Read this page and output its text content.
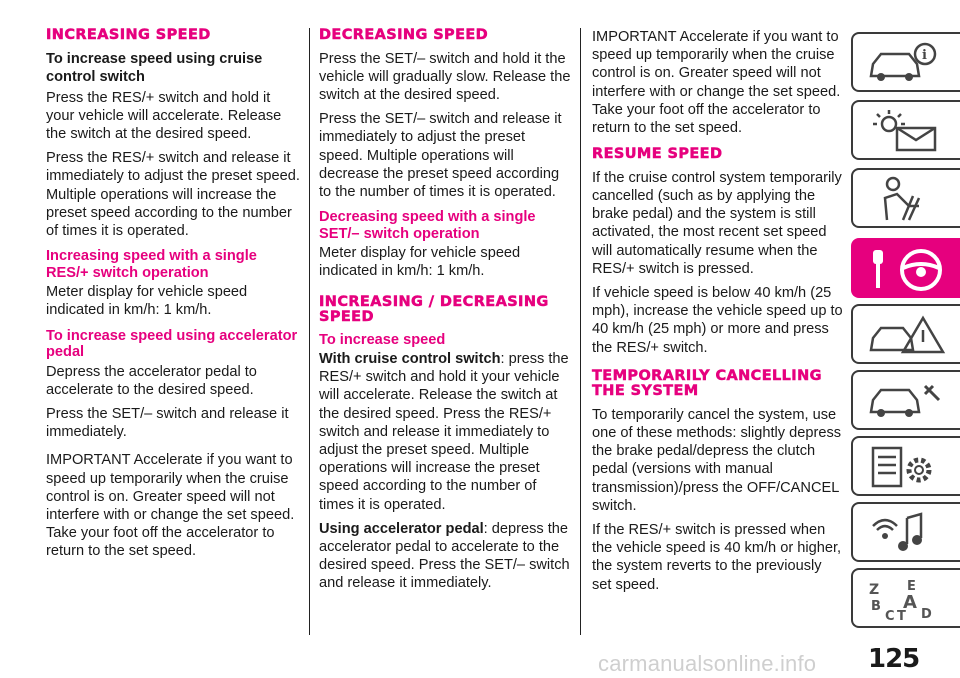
INCREASING SPEED
To increase speed using cruise control switch

Press the RES/+ switch and hold it your vehicle will accelerate. Release the switch at the desired speed.

Press the RES/+ switch and release it immediately to adjust the preset speed. Multiple operations will increase the preset speed according to the number of times it is operated.

Increasing speed with a single RES/+ switch operation

Meter display for vehicle speed indicated in km/h: 1 km/h.

To increase speed using accelerator pedal

Depress the accelerator pedal to accelerate to the desired speed.

Press the SET/– switch and release it immediately.

IMPORTANT Accelerate if you want to speed up temporarily when the cruise control is on. Greater speed will not interfere with or change the set speed. Take your foot off the accelerator to return to the set speed.

DECREASING SPEED

Press the SET/– switch and hold it the vehicle will gradually slow. Release the switch at the desired speed.

Press the SET/– switch and release it immediately to adjust the preset speed. Multiple operations will decrease the preset speed according to the number of times it is operated.

Decreasing speed with a single SET/– switch operation

Meter display for vehicle speed indicated in km/h: 1 km/h.

INCREASING / DECREASING SPEED
To increase speed

With cruise control switch: press the RES/+ switch and hold it your vehicle will accelerate. Release the switch at the desired speed. Press the RES/+ switch and release it immediately to adjust the preset speed. Multiple operations will increase the preset speed according to the number of times it is operated.

Using accelerator pedal: depress the accelerator pedal to accelerate to the desired speed. Press the SET/– switch and release it immediately.

IMPORTANT Accelerate if you want to speed up temporarily when the cruise control is on. Greater speed will not interfere with or change the set speed. Take your foot off the accelerator to return to the set speed.

RESUME SPEED

If the cruise control system temporarily cancelled (such as by applying the brake pedal) and the system is still activated, the most recent set speed will automatically resume when the RES/+ switch is pressed.

If vehicle speed is below 40 km/h (25 mph), increase the vehicle speed up to 40 km/h (25 mph) or more and press the RES/+ switch.

TEMPORARILY CANCELLING THE SYSTEM

To temporarily cancel the system, use one of these methods: slightly depress the brake pedal/depress the clutch pedal (versions with manual transmission)/press the OFF/CANCEL switch.

If the RES/+ switch is pressed when the vehicle speed is 40 km/h or higher, the system reverts to the previously set speed.

i
Z E
A
B
C T D
125
carmanualsonline.info
